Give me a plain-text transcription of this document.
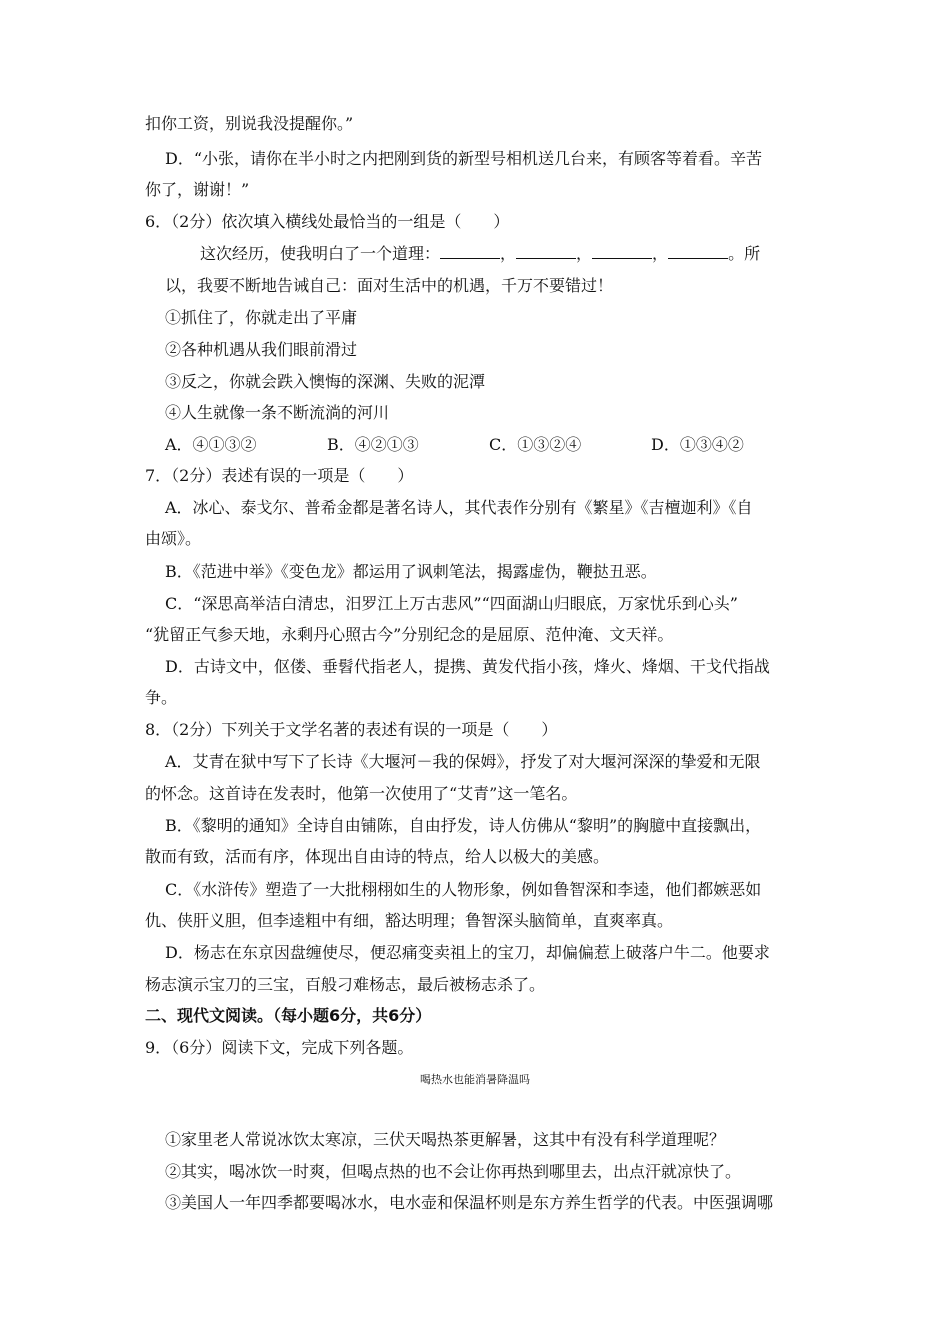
扣你工资，别说我没提醒你。”
D．“小张，请你在半小时之内把刚到货的新型号相机送几台来，有顾客等着看。辛苦
你了，谢谢！”
6．（2分）依次填入横线处最恰当的一组是（　　）
这次经历，使我明白了一个道理：	，	，	，	。所
以，我要不断地告诫自己：面对生活中的机遇，千万不要错过！
①抓住了，你就走出了平庸
②各种机遇从我们眼前滑过
③反之，你就会跌入懊悔的深渊、失败的泥潭
④人生就像一条不断流淌的河川
A．④①③②	B．④②①③	C．①③②④	D．①③④②
7．（2分）表述有误的一项是（　　）
A．冰心、泰戈尔、普希金都是著名诗人，其代表作分别有《繁星》《吉檀迦利》《自
由颂》。
B．《范进中举》《变色龙》都运用了讽刺笔法，揭露虚伪，鞭挞丑恶。
C．“深思高举洁白清忠，汨罗江上万古悲风”“四面湖山归眼底，万家忧乐到心头”
“犹留正气参天地，永剩丹心照古今”分别纪念的是屈原、范仲淹、文天祥。
D．古诗文中，伛偻、垂髫代指老人，提携、黄发代指小孩，烽火、烽烟、干戈代指战
争。
8．（2分）下列关于文学名著的表述有误的一项是（　　）
A．艾青在狱中写下了长诗《大堰河－我的保姆》，抒发了对大堰河深深的挚爱和无限
的怀念。这首诗在发表时，他第一次使用了“艾青”这一笔名。
B．《黎明的通知》全诗自由铺陈，自由抒发，诗人仿佛从“黎明”的胸臆中直接飘出，
散而有致，活而有序，体现出自由诗的特点，给人以极大的美感。
C．《水浒传》塑造了一大批栩栩如生的人物形象，例如鲁智深和李逵，他们都嫉恶如
仇、侠肝义胆，但李逵粗中有细，豁达明理；鲁智深头脑简单，直爽率真。
D．杨志在东京因盘缠使尽，便忍痛变卖祖上的宝刀，却偏偏惹上破落户牛二。他要求
杨志演示宝刀的三宝，百般刁难杨志，最后被杨志杀了。
二、现代文阅读。（每小题6分，共6分）
9．（6分）阅读下文，完成下列各题。
喝热水也能消暑降温吗
①家里老人常说冰饮太寒凉，三伏天喝热茶更解暑，这其中有没有科学道理呢？
②其实，喝冰饮一时爽，但喝点热的也不会让你再热到哪里去，出点汗就凉快了。
③美国人一年四季都要喝冰水，电水壶和保温杯则是东方养生哲学的代表。中医强调哪
